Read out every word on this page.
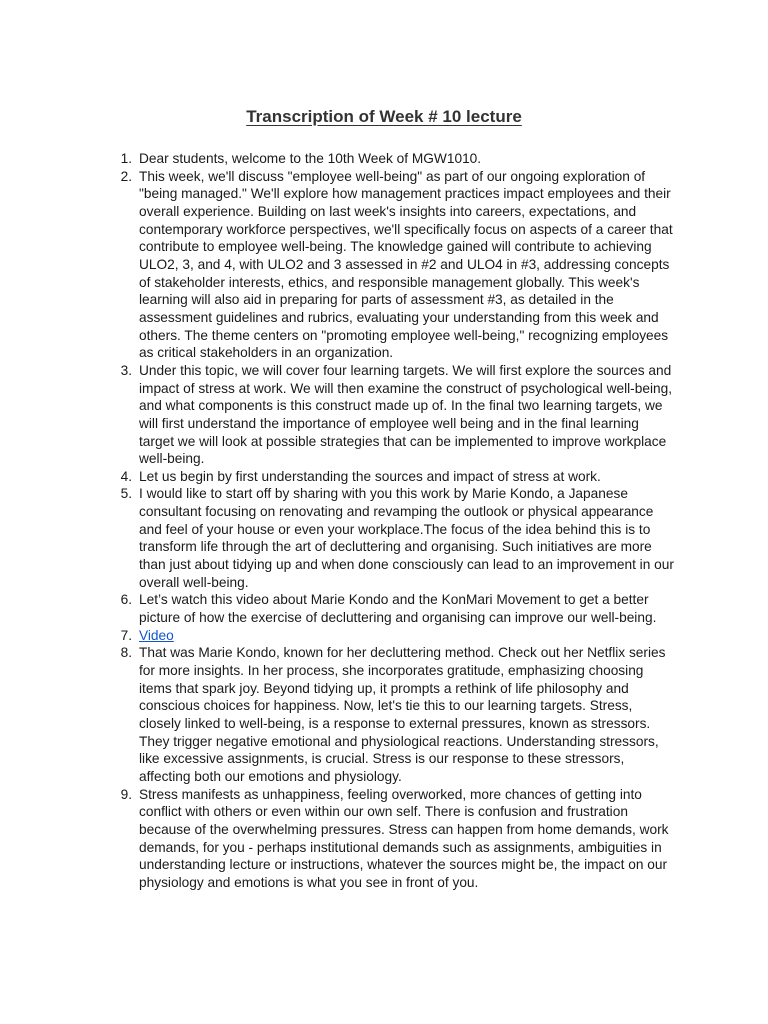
Transcription of Week # 10 lecture
1. Dear students, welcome to the 10th Week of MGW1010.
2. This week, we'll discuss "employee well-being" as part of our ongoing exploration of "being managed." We'll explore how management practices impact employees and their overall experience. Building on last week's insights into careers, expectations, and contemporary workforce perspectives, we'll specifically focus on aspects of a career that contribute to employee well-being. The knowledge gained will contribute to achieving ULO2, 3, and 4, with ULO2 and 3 assessed in #2 and ULO4 in #3, addressing concepts of stakeholder interests, ethics, and responsible management globally. This week's learning will also aid in preparing for parts of assessment #3, as detailed in the assessment guidelines and rubrics, evaluating your understanding from this week and others. The theme centers on "promoting employee well-being," recognizing employees as critical stakeholders in an organization.
3. Under this topic, we will cover four learning targets. We will first explore the sources and impact of stress at work. We will then examine the construct of psychological well-being, and what components is this construct made up of. In the final two learning targets, we will first understand the importance of employee well being and in the final learning target we will look at possible strategies that can be implemented to improve workplace well-being.
4. Let us begin by first understanding the sources and impact of stress at work.
5. I would like to start off by sharing with you this work by Marie Kondo, a Japanese consultant focusing on renovating and revamping the outlook or physical appearance and feel of your house or even your workplace.The focus of the idea behind this is to transform life through the art of decluttering and organising. Such initiatives are more than just about tidying up and when done consciously can lead to an improvement in our overall well-being.
6. Let’s watch this video about Marie Kondo and the KonMari Movement to get a better picture of how the exercise of decluttering and organising can improve our well-being.
7. Video
8. That was Marie Kondo, known for her decluttering method. Check out her Netflix series for more insights. In her process, she incorporates gratitude, emphasizing choosing items that spark joy. Beyond tidying up, it prompts a rethink of life philosophy and conscious choices for happiness. Now, let's tie this to our learning targets. Stress, closely linked to well-being, is a response to external pressures, known as stressors. They trigger negative emotional and physiological reactions. Understanding stressors, like excessive assignments, is crucial. Stress is our response to these stressors, affecting both our emotions and physiology.
9. Stress manifests as unhappiness, feeling overworked, more chances of getting into conflict with others or even within our own self. There is confusion and frustration because of the overwhelming pressures. Stress can happen from home demands, work demands, for you - perhaps institutional demands such as assignments, ambiguities in understanding lecture or instructions, whatever the sources might be, the impact on our physiology and emotions is what you see in front of you.
